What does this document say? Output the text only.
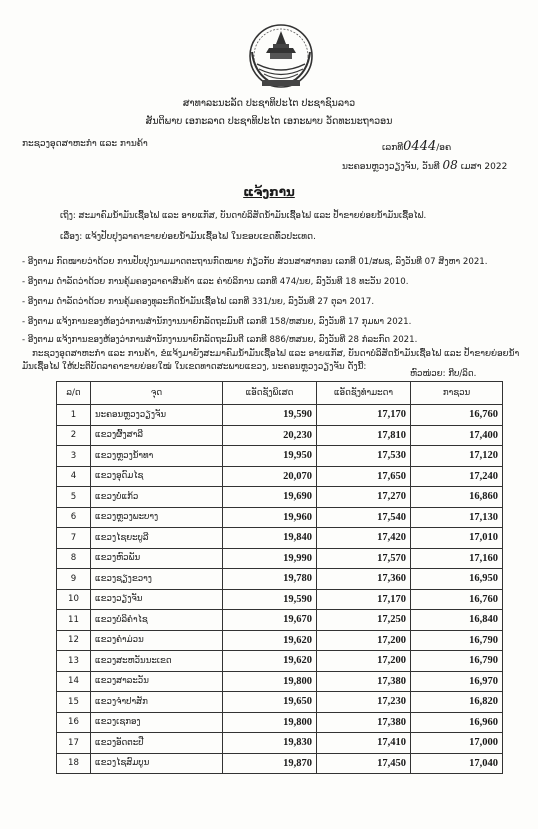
ສາທາລະນະລັດ ປະຊາທິປະໄຕ ປະຊາຊົນລາວ
ສັນຕິພາບ ເອກະລາດ ປະຊາທິປະໄຕ ເອກະພາບ ວັດທະນະຖາວອນ
ກະຊວງອຸດສາຫະກຳ ແລະ ການຄ້າ	ເລກທີ0444/ອຄ
ນະຄອນຫຼວງວຽງຈັນ, ວັນທີ 08 ເມສາ 2022
ແຈ້ງການ
ເຖິງ: ສະມາຄົມນ້ຳມັນເຊື້ອໄຟ ແລະ ອາຍແກັສ, ບັນດາບໍລິສັດນ້ຳມັນເຊື້ອໄຟ ແລະ ປ້ຳຂາຍຍ່ອຍນ້ຳມັນເຊື້ອໄຟ.
ເລື່ອງ: ແຈ້ງປັບປຸງລາຄາຂາຍຍ່ອຍນ້ຳມັນເຊື້ອໄຟ ໃນຂອບເຂດທົ່ວປະເທດ.
- ອີງຕາມ ກົດໝາຍວ່າດ້ວຍ ການປັບປຸງນາມມາດຕະຖານກົດໝາຍ ກ່ຽວກັບ ສ່ວນສາສາກອນ ເລກທີ 01/ສພຊ, ລົງວັນທີ 07 ສິງຫາ 2021.
- ອີງຕາມ ດຳລັດວ່າດ້ວຍ ການຄຸ້ມຄອງລາຄາສິນຄ້າ ແລະ ຄ່າບໍລິການ ເລກທີ 474/ນຍ, ລົງວັນທີ 18 ທະວັນ 2010.
- ອີງຕາມ ດຳລັດວ່າດ້ວຍ ການຄຸ້ມຄອງທຸລະກິດນ້ຳມັນເຊື້ອໄຟ ເລກທີ 331/ນຍ, ລົງວັນທີ 27 ຕຸລາ 2017.
- ອີງຕາມ ແຈ້ງການຂອງຫ້ອງວ່າການສຳນັກງານນາຍົກລັດຖະມົນຕີ ເລກທີ 158/ຫສນຍ, ລົງວັນທີ 17 ກຸມພາ 2021.
- ອີງຕາມ ແຈ້ງການຂອງຫ້ອງວ່າການສຳນັກງານນາຍົກລັດຖະມົນຕີ ເລກທີ 886/ຫສນຍ, ລົງວັນທີ 28 ກໍລະກົດ 2021.
ກະຊວງອຸດສາຫະກຳ ແລະ ການຄ້າ, ຂໍແຈ້ງມາຍັງສະມາຄົມນ້ຳມັນເຊື້ອໄຟ ແລະ ອາຍແກັສ, ບັນດາບໍລິສັດນ້ຳມັນເຊື້ອໄຟ ແລະ ປ້ຳຂາຍຍ່ອຍນ້ຳມັນເຊື້ອໄຟ ໃຫ້ປະຕິບັດລາຄາຂາຍຍ່ອຍໃໝ່ ໃນເຂດທາດສະພາບແຂວງ, ນະຄອນຫຼວງວຽງຈັນ ດັ່ງນີ້:
ຫົວໜ່ວຍ: ກີບ/ລິດ.
ລ/ດ	ຈຸດ	ແອັດຊັງພິເສດ	ແອັດຊັງທຳມະດາ	ກາຊວນ
1	ນະຄອນຫຼວງວຽງຈັນ	19,590	17,170	16,760
2	ແຂວງຜົ້ງສາລີ	20,230	17,810	17,400
3	ແຂວງຫຼວງນ້ຳທາ	19,950	17,530	17,120
4	ແຂວງອຸດົມໄຊ	20,070	17,650	17,240
5	ແຂວງບໍ່ແກ້ວ	19,690	17,270	16,860
6	ແຂວງຫຼວງພະບາງ	19,960	17,540	17,130
7	ແຂວງໄຊຍະບູລີ	19,840	17,420	17,010
8	ແຂວງຫົວພັນ	19,990	17,570	17,160
9	ແຂວງຊຽງຂວາງ	19,780	17,360	16,950
10	ແຂວງວຽງຈັນ	19,590	17,170	16,760
11	ແຂວງບໍລິຄຳໄຊ	19,670	17,250	16,840
12	ແຂວງຄຳມ່ວນ	19,620	17,200	16,790
13	ແຂວງສະຫວັນນະເຂດ	19,620	17,200	16,790
14	ແຂວງສາລະວັນ	19,800	17,380	16,970
15	ແຂວງຈຳປາສັກ	19,650	17,230	16,820
16	ແຂວງເຊກອງ	19,800	17,380	16,960
17	ແຂວງອັດຕະປື	19,830	17,410	17,000
18	ແຂວງໄຊສົມບູນ	19,870	17,450	17,040
